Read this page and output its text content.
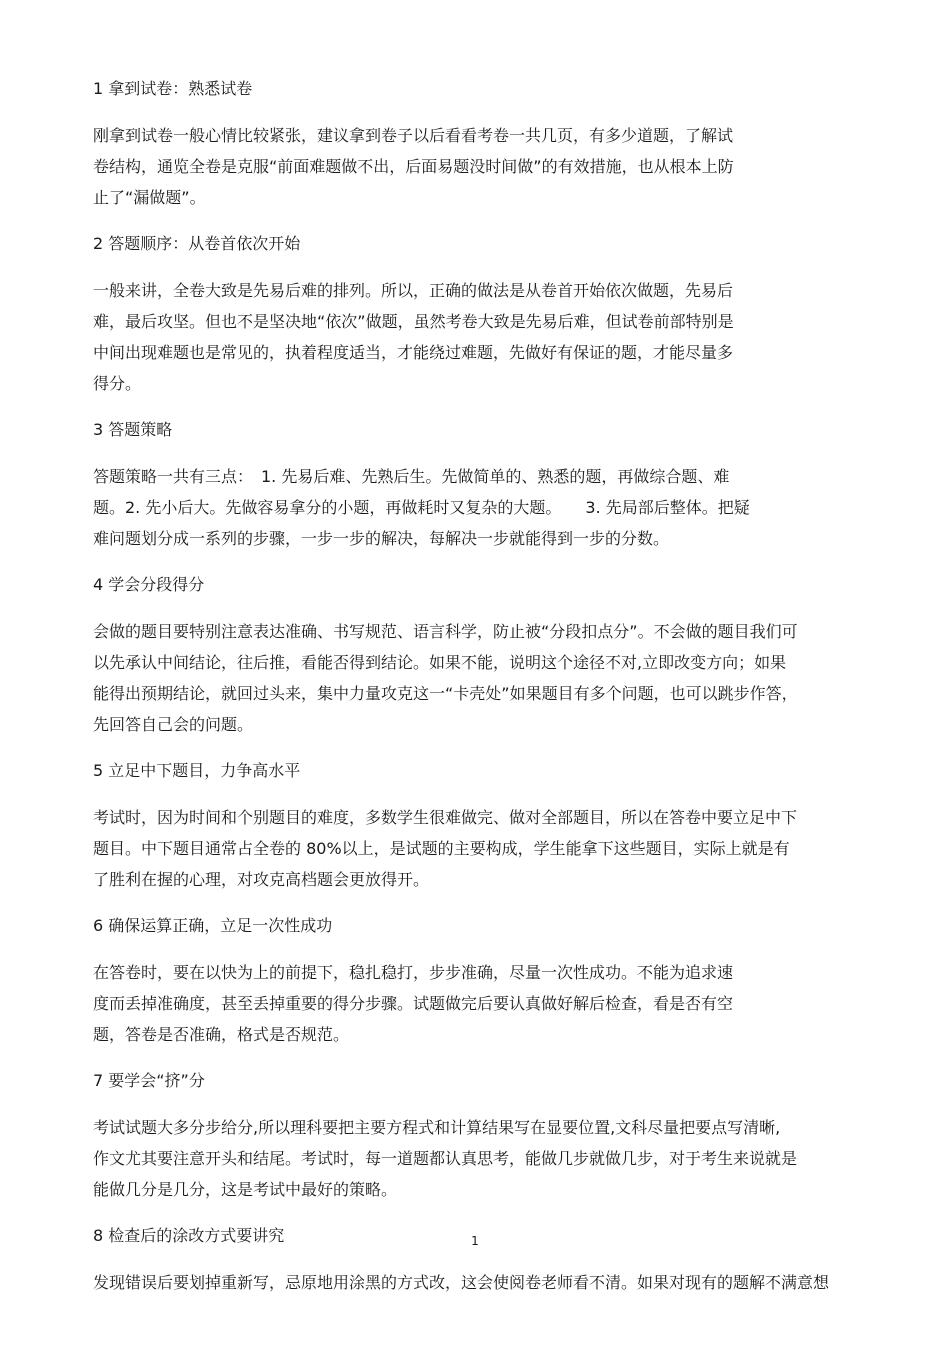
1 拿到试卷：熟悉试卷
刚拿到试卷一般心情比较紧张，建议拿到卷子以后看看考卷一共几页，有多少道题，了解试
卷结构，通览全卷是克服“前面难题做不出，后面易题没时间做”的有效措施，也从根本上防
止了“漏做题”。
2 答题顺序：从卷首依次开始
一般来讲，全卷大致是先易后难的排列。所以，正确的做法是从卷首开始依次做题，先易后
难，最后攻坚。但也不是坚决地“依次”做题，虽然考卷大致是先易后难，但试卷前部特别是
中间出现难题也是常见的，执着程度适当，才能绕过难题，先做好有保证的题，才能尽量多
得分。
3 答题策略
答题策略一共有三点：　1. 先易后难、先熟后生。先做简单的、熟悉的题，再做综合题、难
题。2. 先小后大。先做容易拿分的小题，再做耗时又复杂的大题。　　3. 先局部后整体。把疑
难问题划分成一系列的步骤，一步一步的解决，每解决一步就能得到一步的分数。
4 学会分段得分
会做的题目要特别注意表达准确、书写规范、语言科学，防止被“分段扣点分”。不会做的题目我们可
以先承认中间结论，往后推，看能否得到结论。如果不能，说明这个途径不对,立即改变方向；如果
能得出预期结论，就回过头来，集中力量攻克这一“卡壳处”如果题目有多个问题，也可以跳步作答，
先回答自己会的问题。
5 立足中下题目，力争高水平
考试时，因为时间和个别题目的难度，多数学生很难做完、做对全部题目，所以在答卷中要立足中下
题目。中下题目通常占全卷的 80%以上，是试题的主要构成，学生能拿下这些题目，实际上就是有
了胜利在握的心理，对攻克高档题会更放得开。
6 确保运算正确，立足一次性成功
在答卷时，要在以快为上的前提下，稳扎稳打，步步准确，尽量一次性成功。不能为追求速
度而丢掉准确度，甚至丢掉重要的得分步骤。试题做完后要认真做好解后检查，看是否有空
题，答卷是否准确，格式是否规范。
7 要学会“挤”分
考试试题大多分步给分,所以理科要把主要方程式和计算结果写在显要位置,文科尽量把要点写清晰,
作文尤其要注意开头和结尾。考试时，每一道题都认真思考，能做几步就做几步，对于考生来说就是
能做几分是几分，这是考试中最好的策略。
8 检查后的涂改方式要讲究
发现错误后要划掉重新写，忌原地用涂黑的方式改，这会使阅卷老师看不清。如果对现有的题解不满意想
1
